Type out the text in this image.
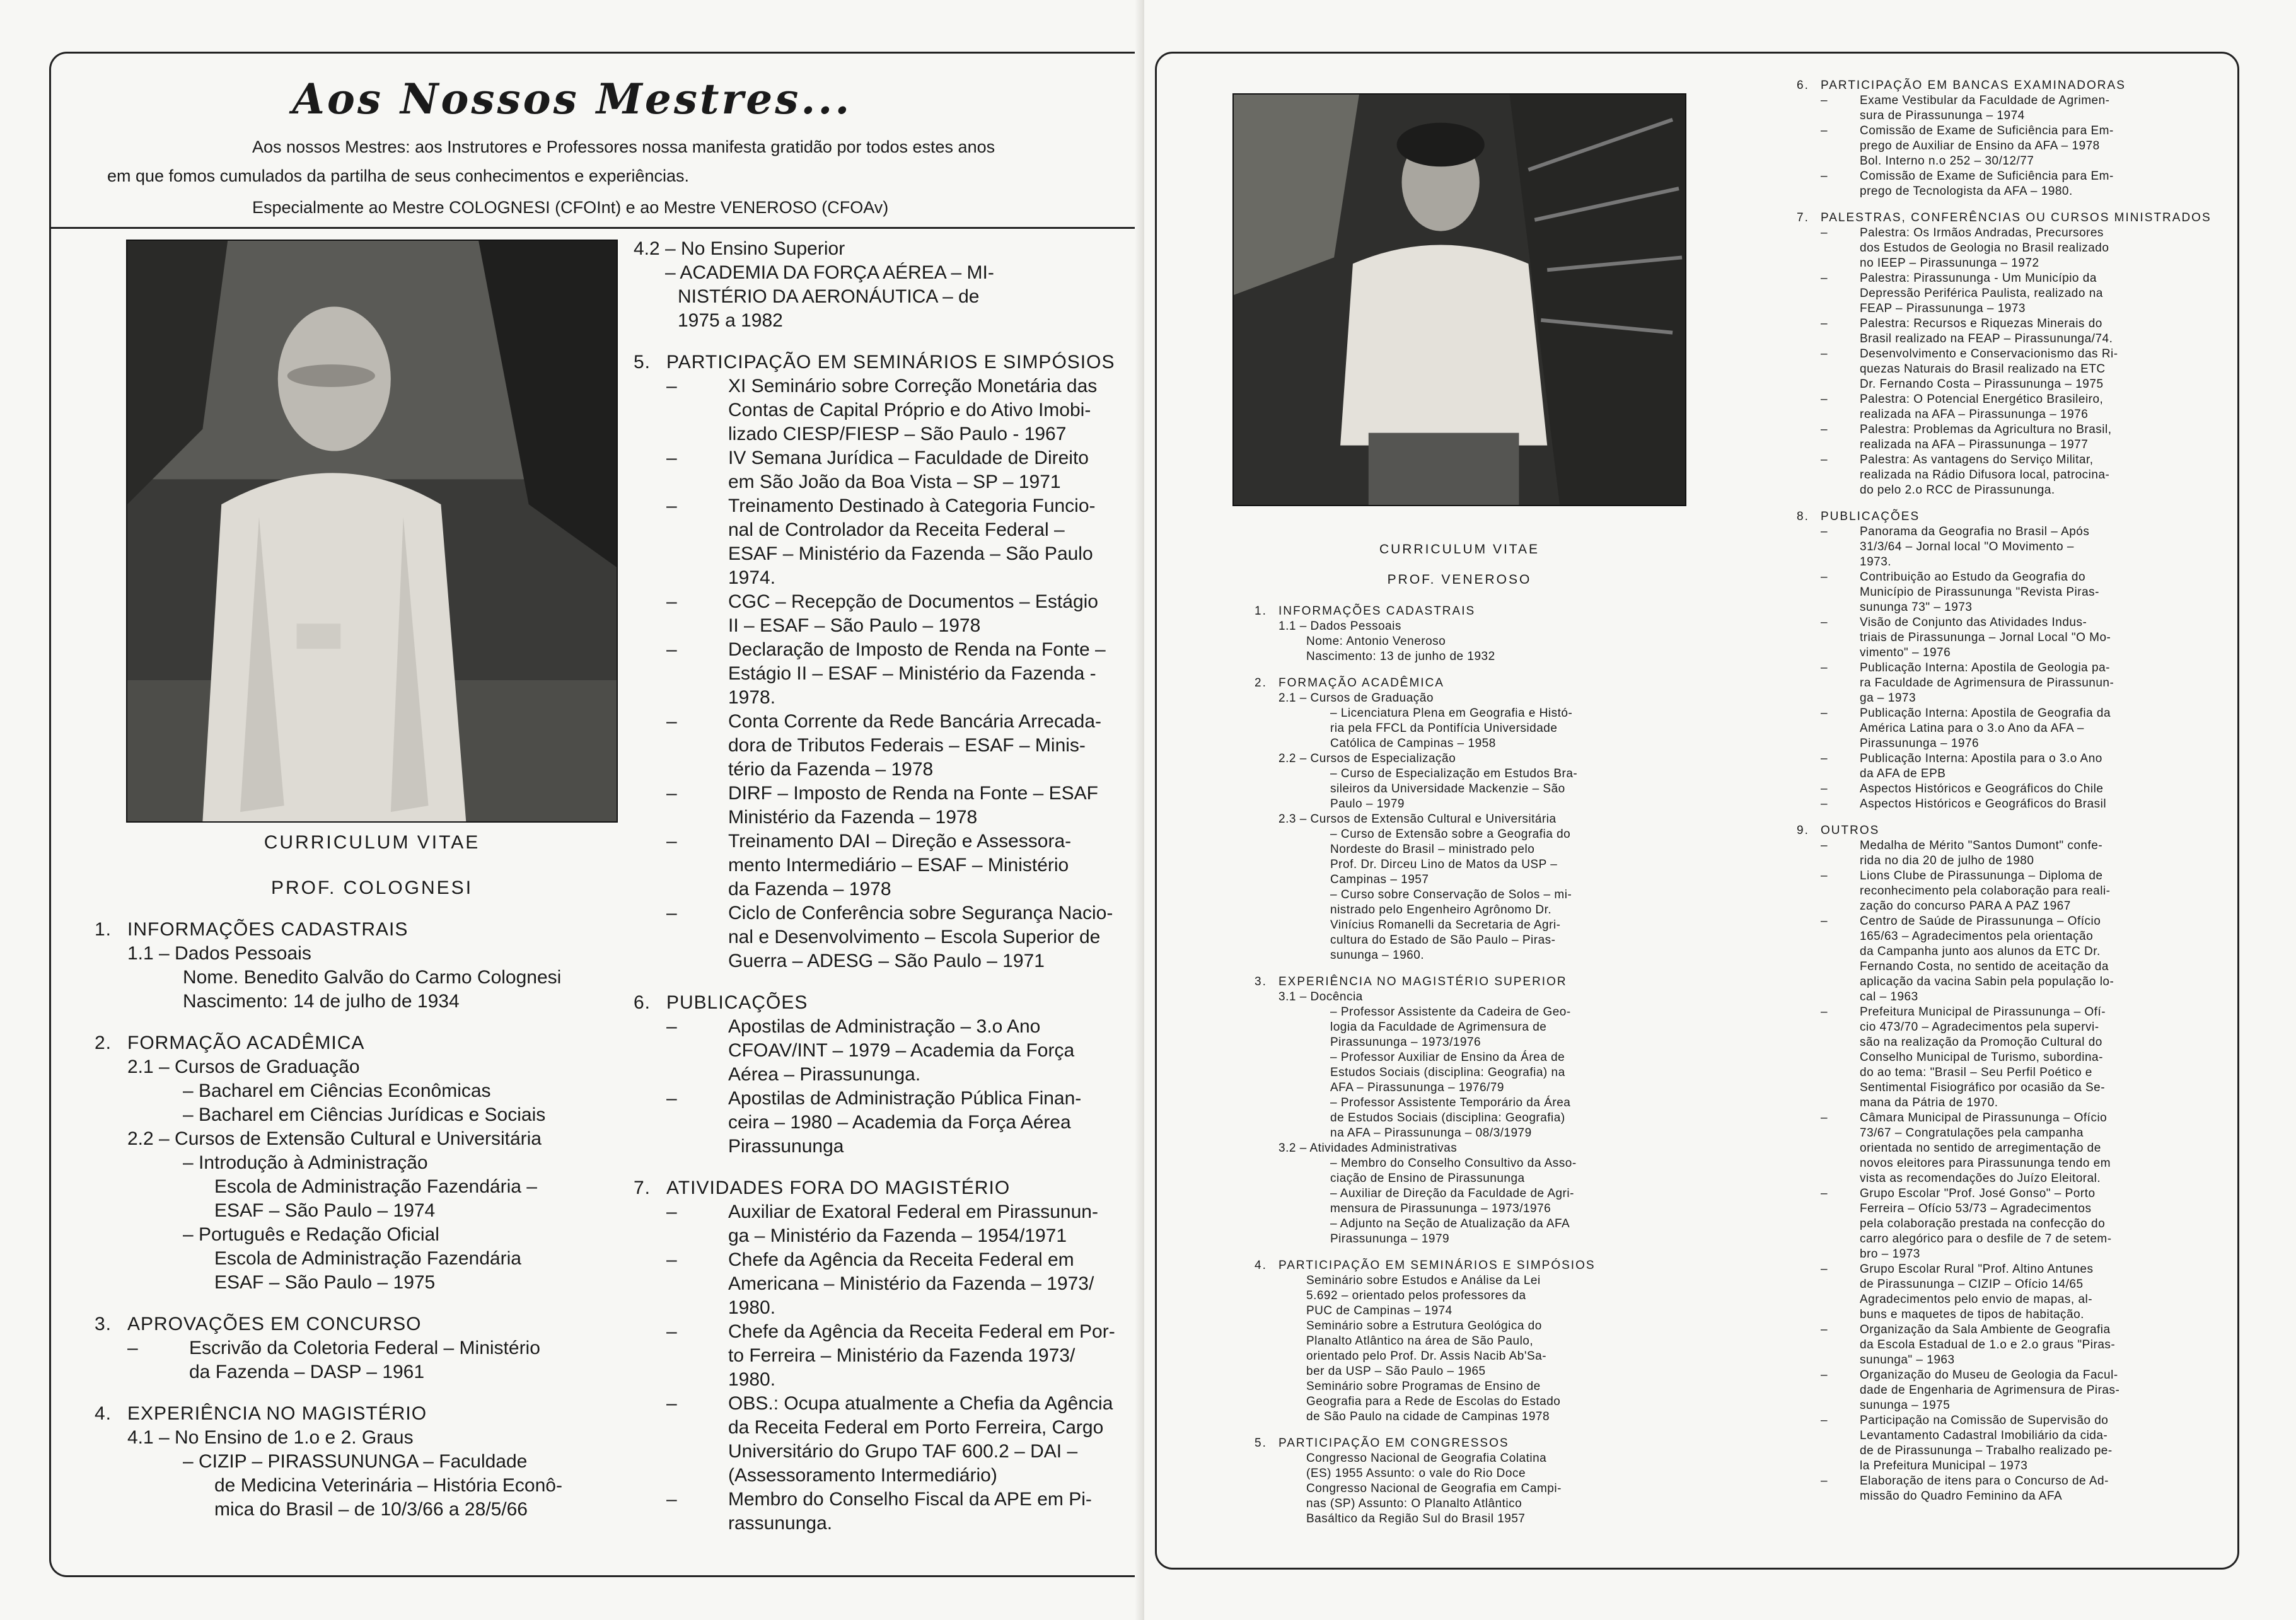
Aos Nossos Mestres...
Aos nossos Mestres: aos Instrutores e Professores nossa manifesta gratidão por todos estes anos
em que fomos cumulados da partilha de seus conhecimentos e experiências.
Especialmente ao Mestre COLOGNESI (CFOInt) e ao Mestre VENEROSO (CFOAv)
CURRICULUM VITAE
PROF. COLOGNESI
1. INFORMAÇÕES CADASTRAIS
1.1 – Dados Pessoais
Nome. Benedito Galvão do Carmo Colognesi
Nascimento: 14 de julho de 1934
2. FORMAÇÃO ACADÊMICA
2.1 – Cursos de Graduação
– Bacharel em Ciências Econômicas
– Bacharel em Ciências Jurídicas e Sociais
2.2 – Cursos de Extensão Cultural e Universitária
– Introdução à Administração
Escola de Administração Fazendária –
ESAF – São Paulo – 1974
– Português e Redação Oficial
Escola de Administração Fazendária
ESAF – São Paulo – 1975
3. APROVAÇÕES EM CONCURSO
–	Escrivão da Coletoria Federal – Ministério
da Fazenda – DASP – 1961
4. EXPERIÊNCIA NO MAGISTÉRIO
4.1 – No Ensino de 1.o e 2. Graus
– CIZIP – PIRASSUNUNGA – Faculdade
de Medicina Veterinária – História Econô-
mica do Brasil – de 10/3/66 a 28/5/66
4.2 – No Ensino Superior
– ACADEMIA DA FORÇA AÉREA – MI-
NISTÉRIO DA AERONÁUTICA – de
1975 a 1982
5. PARTICIPAÇÃO EM SEMINÁRIOS E SIMPÓSIOS
–	XI Seminário sobre Correção Monetária das
Contas de Capital Próprio e do Ativo Imobi-
lizado CIESP/FIESP – São Paulo - 1967
–	IV Semana Jurídica – Faculdade de Direito
em São João da Boa Vista – SP – 1971
–	Treinamento Destinado à Categoria Funcio-
nal de Controlador da Receita Federal –
ESAF – Ministério da Fazenda – São Paulo
1974.
–	CGC – Recepção de Documentos – Estágio
II – ESAF – São Paulo – 1978
–	Declaração de Imposto de Renda na Fonte –
Estágio II – ESAF – Ministério da Fazenda -
1978.
–	Conta Corrente da Rede Bancária Arrecada-
dora de Tributos Federais – ESAF – Minis-
tério da Fazenda – 1978
–	DIRF – Imposto de Renda na Fonte – ESAF
Ministério da Fazenda – 1978
–	Treinamento DAI – Direção e Assessora-
mento Intermediário – ESAF – Ministério
da Fazenda – 1978
–	Ciclo de Conferência sobre Segurança Nacio-
nal e Desenvolvimento – Escola Superior de
Guerra – ADESG – São Paulo – 1971
6. PUBLICAÇÕES
–	Apostilas de Administração – 3.o Ano
CFOAV/INT – 1979 – Academia da Força
Aérea – Pirassununga.
–	Apostilas de Administração Pública Finan-
ceira – 1980 – Academia da Força Aérea
Pirassununga
7. ATIVIDADES FORA DO MAGISTÉRIO
–	Auxiliar de Exatoral Federal em Pirassunun-
ga – Ministério da Fazenda – 1954/1971
–	Chefe da Agência da Receita Federal em
Americana – Ministério da Fazenda – 1973/
1980.
–	Chefe da Agência da Receita Federal em Por-
to Ferreira – Ministério da Fazenda 1973/
1980.
–	OBS.: Ocupa atualmente a Chefia da Agência
da Receita Federal em Porto Ferreira, Cargo
Universitário do Grupo TAF 600.2 – DAI –
(Assessoramento Intermediário)
–	Membro do Conselho Fiscal da APE em Pi-
rassununga.
CURRICULUM VITAE
PROF. VENEROSO
1. INFORMAÇÕES CADASTRAIS
1.1 – Dados Pessoais
Nome: Antonio Veneroso
Nascimento: 13 de junho de 1932
2. FORMAÇÃO ACADÊMICA
2.1 – Cursos de Graduação
– Licenciatura Plena em Geografia e Histó-
ria pela FFCL da Pontifícia Universidade
Católica de Campinas – 1958
2.2 – Cursos de Especialização
– Curso de Especialização em Estudos Bra-
sileiros da Universidade Mackenzie – São
Paulo – 1979
2.3 – Cursos de Extensão Cultural e Universitária
– Curso de Extensão sobre a Geografia do
Nordeste do Brasil – ministrado pelo
Prof. Dr. Dirceu Lino de Matos da USP –
Campinas – 1957
– Curso sobre Conservação de Solos – mi-
nistrado pelo Engenheiro Agrônomo Dr.
Vinícius Romanelli da Secretaria de Agri-
cultura do Estado de São Paulo – Piras-
sununga – 1960.
3. EXPERIÊNCIA NO MAGISTÉRIO SUPERIOR
3.1 – Docência
– Professor Assistente da Cadeira de Geo-
logia da Faculdade de Agrimensura de
Pirassununga – 1973/1976
– Professor Auxiliar de Ensino da Área de
Estudos Sociais (disciplina: Geografia) na
AFA – Pirassununga – 1976/79
– Professor Assistente Temporário da Área
de Estudos Sociais (disciplina: Geografia)
na AFA – Pirassununga – 08/3/1979
3.2 – Atividades Administrativas
– Membro do Conselho Consultivo da Asso-
ciação de Ensino de Pirassununga
– Auxiliar de Direção da Faculdade de Agri-
mensura de Pirassununga – 1973/1976
– Adjunto na Seção de Atualização da AFA
Pirassununga – 1979
4. PARTICIPAÇÃO EM SEMINÁRIOS E SIMPÓSIOS
Seminário sobre Estudos e Análise da Lei
5.692 – orientado pelos professores da
PUC de Campinas – 1974
Seminário sobre a Estrutura Geológica do
Planalto Atlântico na área de São Paulo,
orientado pelo Prof. Dr. Assis Nacib Ab'Sa-
ber da USP – São Paulo – 1965
Seminário sobre Programas de Ensino de
Geografia para a Rede de Escolas do Estado
de São Paulo na cidade de Campinas 1978
5. PARTICIPAÇÃO EM CONGRESSOS
Congresso Nacional de Geografia Colatina
(ES) 1955 Assunto: o vale do Rio Doce
Congresso Nacional de Geografia em Campi-
nas (SP) Assunto: O Planalto Atlântico
Basáltico da Região Sul do Brasil 1957
6. PARTICIPAÇÃO EM BANCAS EXAMINADORAS
–	Exame Vestibular da Faculdade de Agrimen-
sura de Pirassununga – 1974
–	Comissão de Exame de Suficiência para Em-
prego de Auxiliar de Ensino da AFA – 1978
Bol. Interno n.o 252 – 30/12/77
–	Comissão de Exame de Suficiência para Em-
prego de Tecnologista da AFA – 1980.
7. PALESTRAS, CONFERÊNCIAS OU CURSOS MINISTRADOS
–	Palestra: Os Irmãos Andradas, Precursores
dos Estudos de Geologia no Brasil realizado
no IEEP – Pirassununga – 1972
–	Palestra: Pirassununga - Um Município da
Depressão Periférica Paulista, realizado na
FEAP – Pirassununga – 1973
–	Palestra: Recursos e Riquezas Minerais do
Brasil realizado na FEAP – Pirassununga/74.
–	Desenvolvimento e Conservacionismo das Ri-
quezas Naturais do Brasil realizado na ETC
Dr. Fernando Costa – Pirassununga – 1975
–	Palestra: O Potencial Energético Brasileiro,
realizada na AFA – Pirassununga – 1976
–	Palestra: Problemas da Agricultura no Brasil,
realizada na AFA – Pirassununga – 1977
–	Palestra: As vantagens do Serviço Militar,
realizada na Rádio Difusora local, patrocina-
do pelo 2.o RCC de Pirassununga.
8. PUBLICAÇÕES
–	Panorama da Geografia no Brasil – Após
31/3/64 – Jornal local "O Movimento –
1973.
–	Contribuição ao Estudo da Geografia do
Município de Pirassununga "Revista Piras-
sununga 73" – 1973
–	Visão de Conjunto das Atividades Indus-
triais de Pirassununga – Jornal Local "O Mo-
vimento" – 1976
–	Publicação Interna: Apostila de Geologia pa-
ra Faculdade de Agrimensura de Pirassunun-
ga – 1973
–	Publicação Interna: Apostila de Geografia da
América Latina para o 3.o Ano da AFA –
Pirassununga – 1976
–	Publicação Interna: Apostila para o 3.o Ano
da AFA de EPB
–	Aspectos Históricos e Geográficos do Chile
–	Aspectos Históricos e Geográficos do Brasil
9. OUTROS
–	Medalha de Mérito "Santos Dumont" confe-
rida no dia 20 de julho de 1980
–	Lions Clube de Pirassununga – Diploma de
reconhecimento pela colaboração para reali-
zação do concurso PARA A PAZ 1967
–	Centro de Saúde de Pirassununga – Ofício
165/63 – Agradecimentos pela orientação
da Campanha junto aos alunos da ETC Dr.
Fernando Costa, no sentido de aceitação da
aplicação da vacina Sabin pela população lo-
cal – 1963
–	Prefeitura Municipal de Pirassununga – Ofí-
cio 473/70 – Agradecimentos pela supervi-
são na realização da Promoção Cultural do
Conselho Municipal de Turismo, subordina-
do ao tema: "Brasil – Seu Perfil Poético e
Sentimental Fisiográfico por ocasião da Se-
mana da Pátria de 1970.
–	Câmara Municipal de Pirassununga – Ofício
73/67 – Congratulações pela campanha
orientada no sentido de arregimentação de
novos eleitores para Pirassununga tendo em
vista as recomendações do Juízo Eleitoral.
–	Grupo Escolar "Prof. José Gonso" – Porto
Ferreira – Ofício 53/73 – Agradecimentos
pela colaboração prestada na confecção do
carro alegórico para o desfile de 7 de setem-
bro – 1973
–	Grupo Escolar Rural "Prof. Altino Antunes
de Pirassununga – CIZIP – Ofício 14/65
Agradecimentos pelo envio de mapas, al-
buns e maquetes de tipos de habitação.
–	Organização da Sala Ambiente de Geografia
da Escola Estadual de 1.o e 2.o graus "Piras-
sununga" – 1963
–	Organização do Museu de Geologia da Facul-
dade de Engenharia de Agrimensura de Piras-
sununga – 1975
–	Participação na Comissão de Supervisão do
Levantamento Cadastral Imobiliário da cida-
de de Pirassununga – Trabalho realizado pe-
la Prefeitura Municipal – 1973
–	Elaboração de itens para o Concurso de Ad-
missão do Quadro Feminino da AFA
